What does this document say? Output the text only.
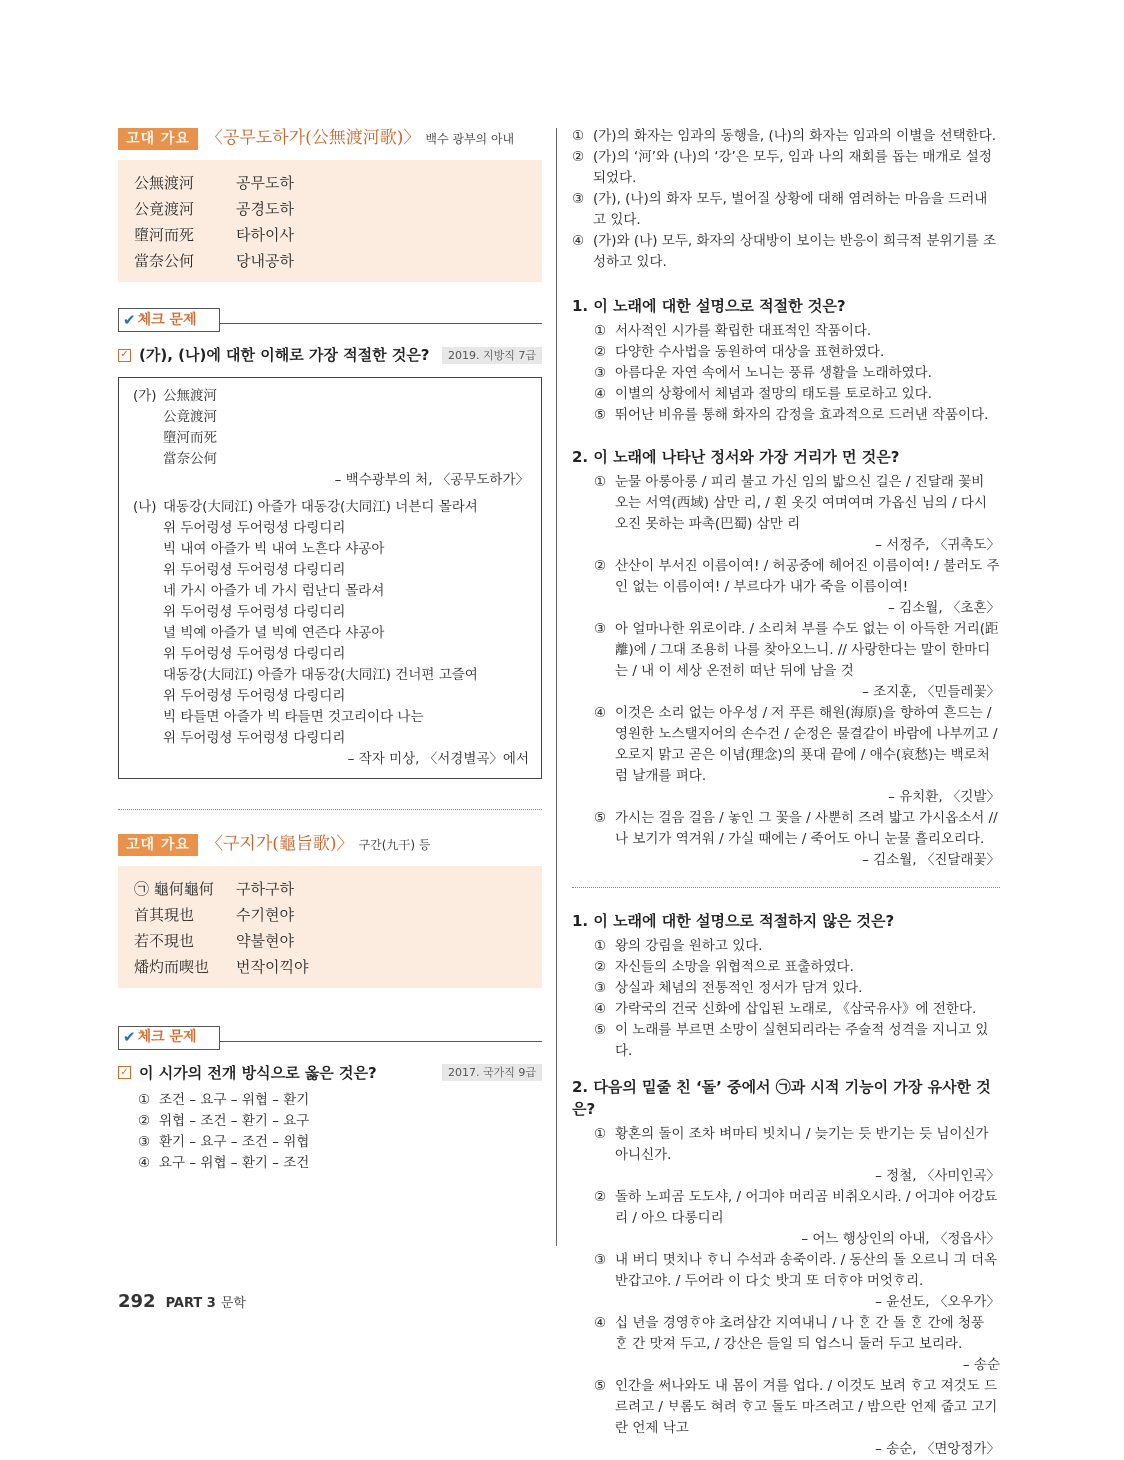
고대 가요 〈공무도하가(公無渡河歌)〉 백수 광부의 아내
公無渡河	공무도하
公竟渡河	공경도하
墮河而死	타하이사
當奈公何	당내공하
✔ 체크 문제
✓ (가), (나)에 대한 이해로 가장 적절한 것은?	2019. 지방직 7급
(가) 公無渡河
公竟渡河
墮河而死
當奈公何
– 백수광부의 처, 〈공무도하가〉
(나) 대동강(大同江) 아즐가 대동강(大同江) 너븐디 몰라셔
위 두어렁셩 두어렁셩 다링디리
빅 내여 아즐가 빅 내여 노흔다 샤공아
위 두어렁셩 두어렁셩 다링디리
네 가시 아즐가 네 가시 럼난디 몰라셔
위 두어렁셩 두어렁셩 다링디리
녈 빅예 아즐가 녈 빅예 연즌다 샤공아
위 두어렁셩 두어렁셩 다링디리
대동강(大同江) 아즐가 대동강(大同江) 건너편 고즐여
위 두어렁셩 두어렁셩 다링디리
빅 타들면 아즐가 빅 타들면 것고리이다 나는
위 두어렁셩 두어렁셩 다링디리
– 작자 미상, 〈서경별곡〉에서
고대 가요 〈구지가(龜旨歌)〉 구간(九干) 등
㉠ 龜何龜何	구하구하
首其現也	수기현야
若不現也	약불현야
燔灼而喫也	번작이끽야
✔ 체크 문제
✓ 이 시가의 전개 방식으로 옳은 것은?	2017. 국가직 9급
① 조건 – 요구 – 위협 – 환기
② 위협 – 조건 – 환기 – 요구
③ 환기 – 요구 – 조건 – 위협
④ 요구 – 위협 – 환기 – 조건
① (가)의 화자는 임과의 동행을, (나)의 화자는 임과의 이별을 선택한다.
② (가)의 ‘河’와 (나)의 ‘강’은 모두, 임과 나의 재회를 돕는 매개로 설정되었다.
③ (가), (나)의 화자 모두, 벌어질 상황에 대해 염려하는 마음을 드러내고 있다.
④ (가)와 (나) 모두, 화자의 상대방이 보이는 반응이 희극적 분위기를 조성하고 있다.
1. 이 노래에 대한 설명으로 적절한 것은?
① 서사적인 시가를 확립한 대표적인 작품이다.
② 다양한 수사법을 동원하여 대상을 표현하였다.
③ 아름다운 자연 속에서 노니는 풍류 생활을 노래하였다.
④ 이별의 상황에서 체념과 절망의 태도를 토로하고 있다.
⑤ 뛰어난 비유를 통해 화자의 감정을 효과적으로 드러낸 작품이다.
2. 이 노래에 나타난 정서와 가장 거리가 먼 것은?
① 눈물 아롱아롱 / 피리 불고 가신 임의 밟으신 길은 / 진달래 꽃비 오는 서역(西域) 삼만 리, / 흰 옷깃 여며여며 가옵신 님의 / 다시 오진 못하는 파촉(巴蜀) 삼만 리
– 서정주, 〈귀촉도〉
② 산산이 부서진 이름이여! / 허공중에 헤어진 이름이여! / 불러도 주인 없는 이름이여! / 부르다가 내가 죽을 이름이여!
– 김소월, 〈초혼〉
③ 아 얼마나한 위로이랴. / 소리쳐 부를 수도 없는 이 아득한 거리(距離)에 / 그대 조용히 나를 찾아오느니. // 사랑한다는 말이 한마디는 / 내 이 세상 온전히 떠난 뒤에 남을 것
– 조지훈, 〈민들레꽃〉
④ 이것은 소리 없는 아우성 / 저 푸른 해원(海原)을 향하여 흔드는 / 영원한 노스탤지어의 손수건 / 순정은 물결같이 바람에 나부끼고 / 오로지 맑고 곧은 이념(理念)의 푯대 끝에 / 애수(哀愁)는 백로처럼 날개를 펴다.
– 유치환, 〈깃발〉
⑤ 가시는 걸음 걸음 / 놓인 그 꽃을 / 사뿐히 즈려 밟고 가시옵소서 // 나 보기가 역겨워 / 가실 때에는 / 죽어도 아니 눈물 흘리오리다.
– 김소월, 〈진달래꽃〉
1. 이 노래에 대한 설명으로 적절하지 않은 것은?
① 왕의 강림을 원하고 있다.
② 자신들의 소망을 위협적으로 표출하였다.
③ 상실과 체념의 전통적인 정서가 담겨 있다.
④ 가락국의 건국 신화에 삽입된 노래로, 《삼국유사》에 전한다.
⑤ 이 노래를 부르면 소망이 실현되리라는 주술적 성격을 지니고 있다.
2. 다음의 밑줄 친 ‘돌’ 중에서 ㉠과 시적 기능이 가장 유사한 것은?
① 황혼의 돌이 조차 벼마티 빗치니 / 늦기는 듯 반기는 듯 님이신가 아니신가.
– 정철, 〈사미인곡〉
② 돌하 노피곰 도도샤, / 어긔야 머리곰 비취오시라. / 어긔야 어강됴리 / 아으 다롱디리
– 어느 행상인의 아내, 〈정읍사〉
③ 내 버디 몃치나 ᄒᆞ니 수석과 송죽이라. / 동산의 돌 오르니 긔 더옥 반갑고야. / 두어라 이 다ᄉᆞᆺ 밧긔 또 더ᄒᆞ야 머엇ᄒᆞ리.
– 윤선도, 〈오우가〉
④ 십 년을 경영ᄒᆞ야 초려삼간 지여내니 / 나 ᄒᆞᆫ 간 돌 ᄒᆞᆫ 간에 청풍 ᄒᆞᆫ 간 맛져 두고, / 강산은 들일 듸 업스니 둘러 두고 보리라.
– 송순
⑤ 인간을 써나와도 내 몸이 겨를 업다. / 이것도 보려 ᄒᆞ고 져것도 드르려고 / ᄇᆞ롬도 혀려 ᄒᆞ고 돌도 마즈려고 / 밤으란 언제 줍고 고기란 언제 낙고
– 송순, 〈면앙정가〉
292 PART 3 문학
